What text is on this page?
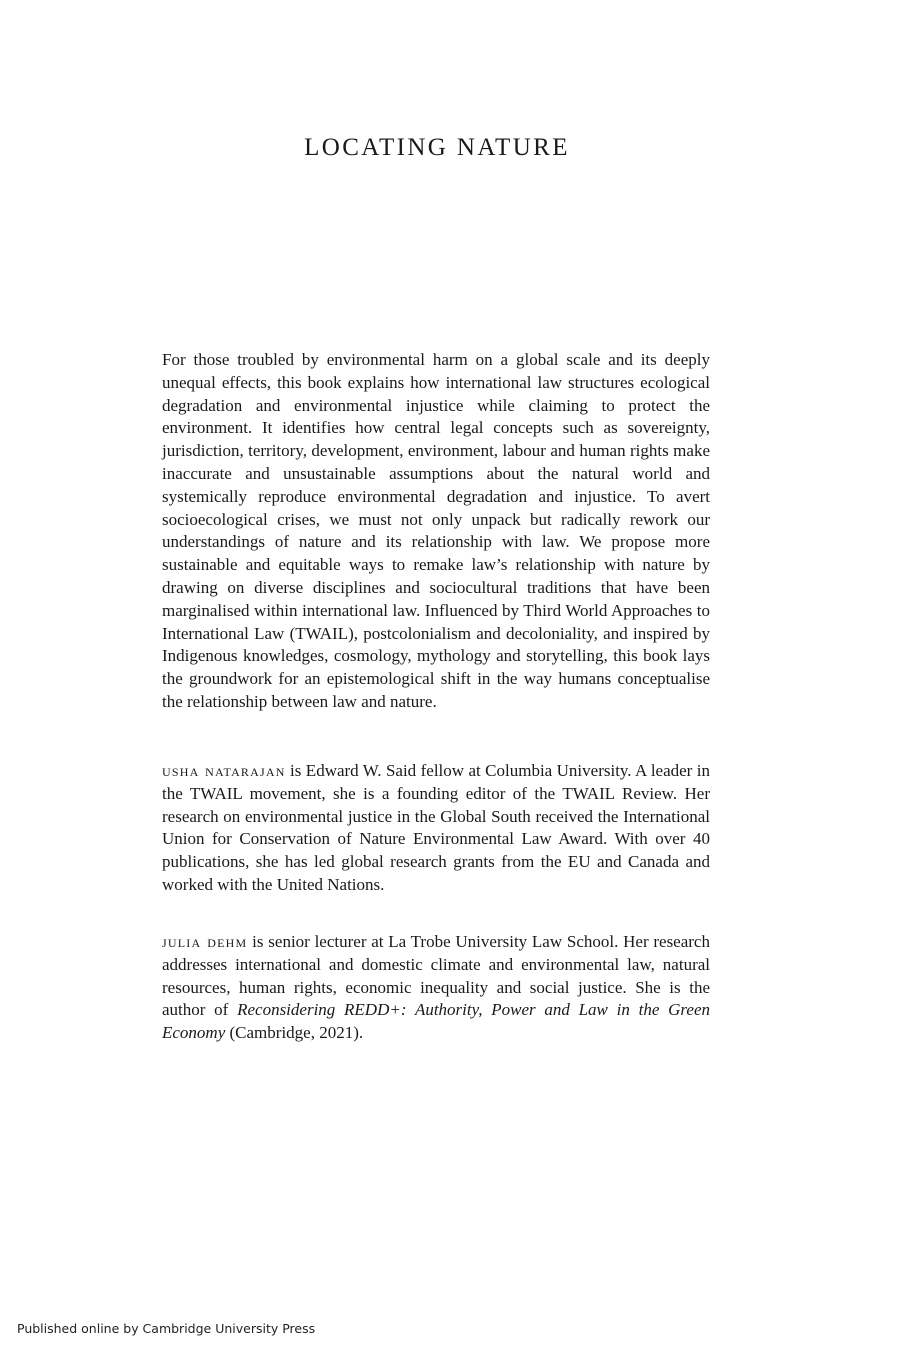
LOCATING NATURE

For those troubled by environmental harm on a global scale and its deeply unequal effects, this book explains how international law structures ecological degradation and environmental injustice while claiming to protect the environment. It identifies how central legal concepts such as sovereignty, jurisdiction, territory, development, environment, labour and human rights make inaccurate and unsustainable assumptions about the natural world and systemically reproduce environmental degradation and injustice. To avert socioecological crises, we must not only unpack but radically rework our understandings of nature and its relationship with law. We propose more sustainable and equitable ways to remake law’s relationship with nature by drawing on diverse disciplines and sociocultural traditions that have been marginalised within international law. Influenced by Third World Approaches to International Law (TWAIL), postcolonialism and decoloniality, and inspired by Indigenous knowledges, cosmology, mythology and storytelling, this book lays the groundwork for an epistemological shift in the way humans conceptualise the relationship between law and nature.

usha natarajan is Edward W. Said fellow at Columbia University. A leader in the TWAIL movement, she is a founding editor of the TWAIL Review. Her research on environmental justice in the Global South received the International Union for Conservation of Nature Environmental Law Award. With over 40 publications, she has led global research grants from the EU and Canada and worked with the United Nations.

julia dehm is senior lecturer at La Trobe University Law School. Her research addresses international and domestic climate and environmental law, natural resources, human rights, economic inequality and social justice. She is the author of Reconsidering REDD+: Authority, Power and Law in the Green Economy (Cambridge, 2021).

Published online by Cambridge University Press
